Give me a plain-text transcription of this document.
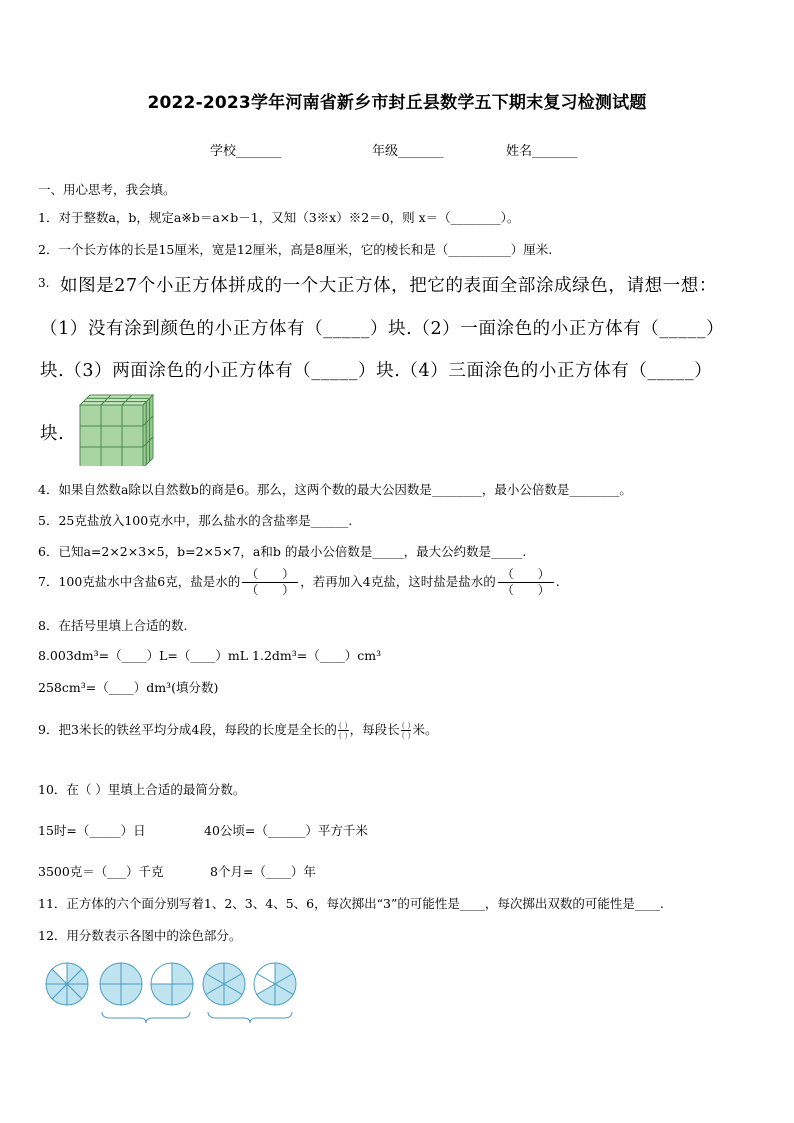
2022-2023学年河南省新乡市封丘县数学五下期末复习检测试题
学校_______	年级_______	姓名_______
一、用心思考，我会填。
1．对于整数a，b，规定a※b＝a×b－1，又知（3※x）※2＝0，则 x＝（________）。
2．一个长方体的长是15厘米，宽是12厘米，高是8厘米，它的棱长和是（__________）厘米.
3. 如图是27个小正方体拼成的一个大正方体，把它的表面全部涂成绿色，请想一想：
（1）没有涂到颜色的小正方体有（_____）块.（2）一面涂色的小正方体有（_____）
块.（3）两面涂色的小正方体有（_____）块.（4）三面涂色的小正方体有（_____）
块.
4．如果自然数a除以自然数b的商是6。那么，这两个数的最大公因数是________，最小公倍数是________。
5．25克盐放入100克水中，那么盐水的含盐率是______.
6．已知a=2×2×3×5，b=2×5×7，a和b 的最小公倍数是_____，最大公约数是_____.
7．100克盐水中含盐6克，盐是水的 $\frac{( )}{( )}$ ，若再加入4克盐，这时盐是盐水的 $\frac{( )}{( )}$ .
8．在括号里填上合适的数.
8.003dm³=（____）L=（____）mL 1.2dm³=（____）cm³
258cm³=（____）dm³(填分数)
9．把3米长的铁丝平均分成4段，每段的长度是全长的 $\frac{( )}{( )}$ ，每段长 $\frac{( )}{( )}$ 米。
10．在（ ）里填上合适的最简分数。
15时=（_____）日	40公顷=（______）平方千米
3500克＝（___）千克	8个月=（____）年
11．正方体的六个面分别写着1、2、3、4、5、6，每次掷出“3”的可能性是____，每次掷出双数的可能性是____.
12．用分数表示各图中的涂色部分。
